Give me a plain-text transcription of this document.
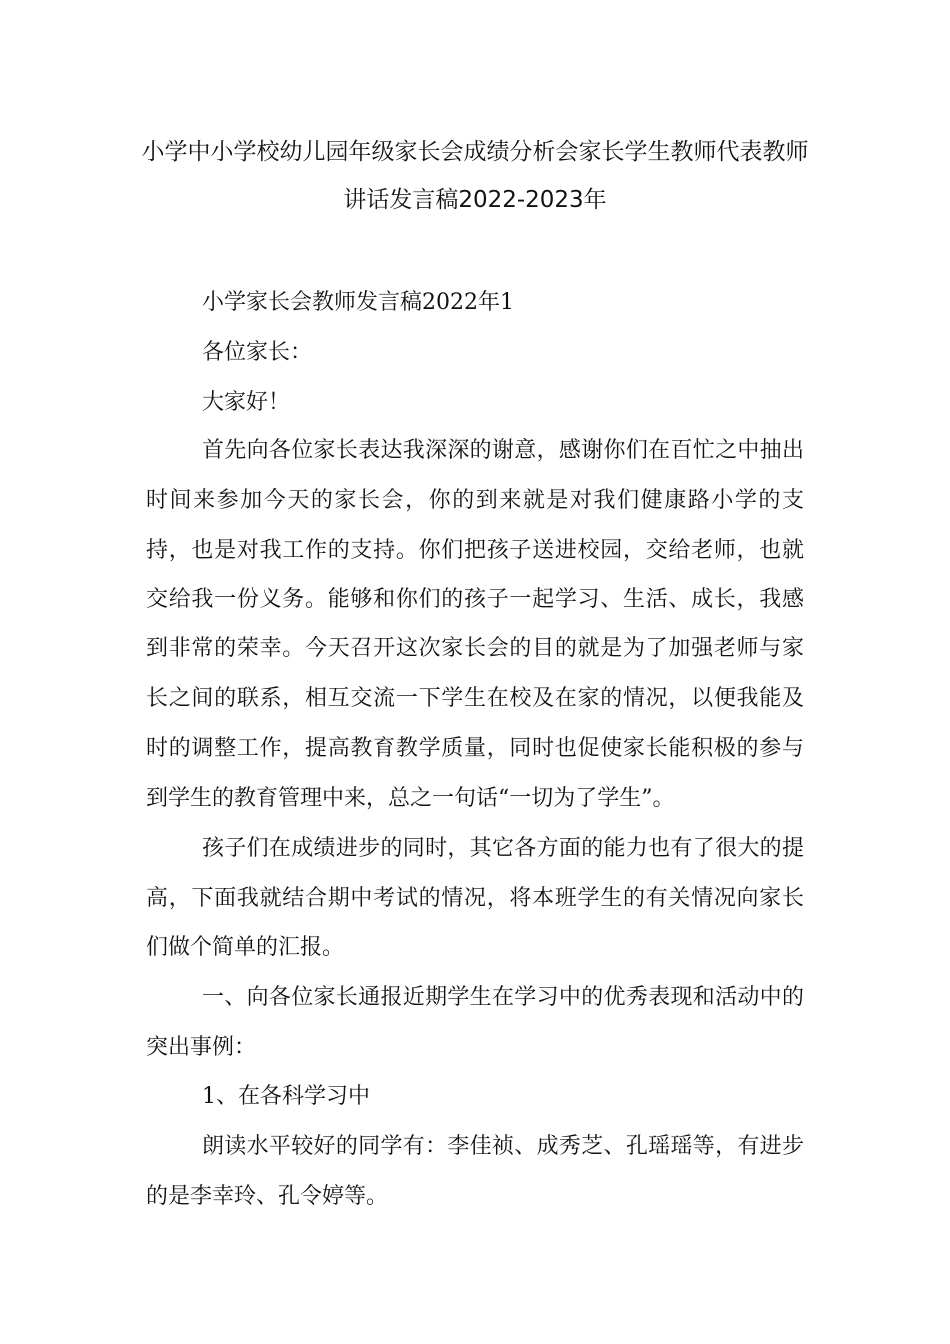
小学中小学校幼儿园年级家长会成绩分析会家长学生教师代表教师
讲话发言稿2022-2023年
小学家长会教师发言稿2022年1
各位家长：
大家好！
首先向各位家长表达我深深的谢意，感谢你们在百忙之中抽出
时间来参加今天的家长会，你的到来就是对我们健康路小学的支
持，也是对我工作的支持。你们把孩子送进校园，交给老师，也就
交给我一份义务。能够和你们的孩子一起学习、生活、成长，我感
到非常的荣幸。今天召开这次家长会的目的就是为了加强老师与家
长之间的联系，相互交流一下学生在校及在家的情况，以便我能及
时的调整工作，提高教育教学质量，同时也促使家长能积极的参与
到学生的教育管理中来，总之一句话“一切为了学生”。
孩子们在成绩进步的同时，其它各方面的能力也有了很大的提
高，下面我就结合期中考试的情况，将本班学生的有关情况向家长
们做个简单的汇报。
一、向各位家长通报近期学生在学习中的优秀表现和活动中的
突出事例：
1、在各科学习中
朗读水平较好的同学有：李佳祯、成秀芝、孔瑶瑶等，有进步
的是李幸玲、孔令婷等。
